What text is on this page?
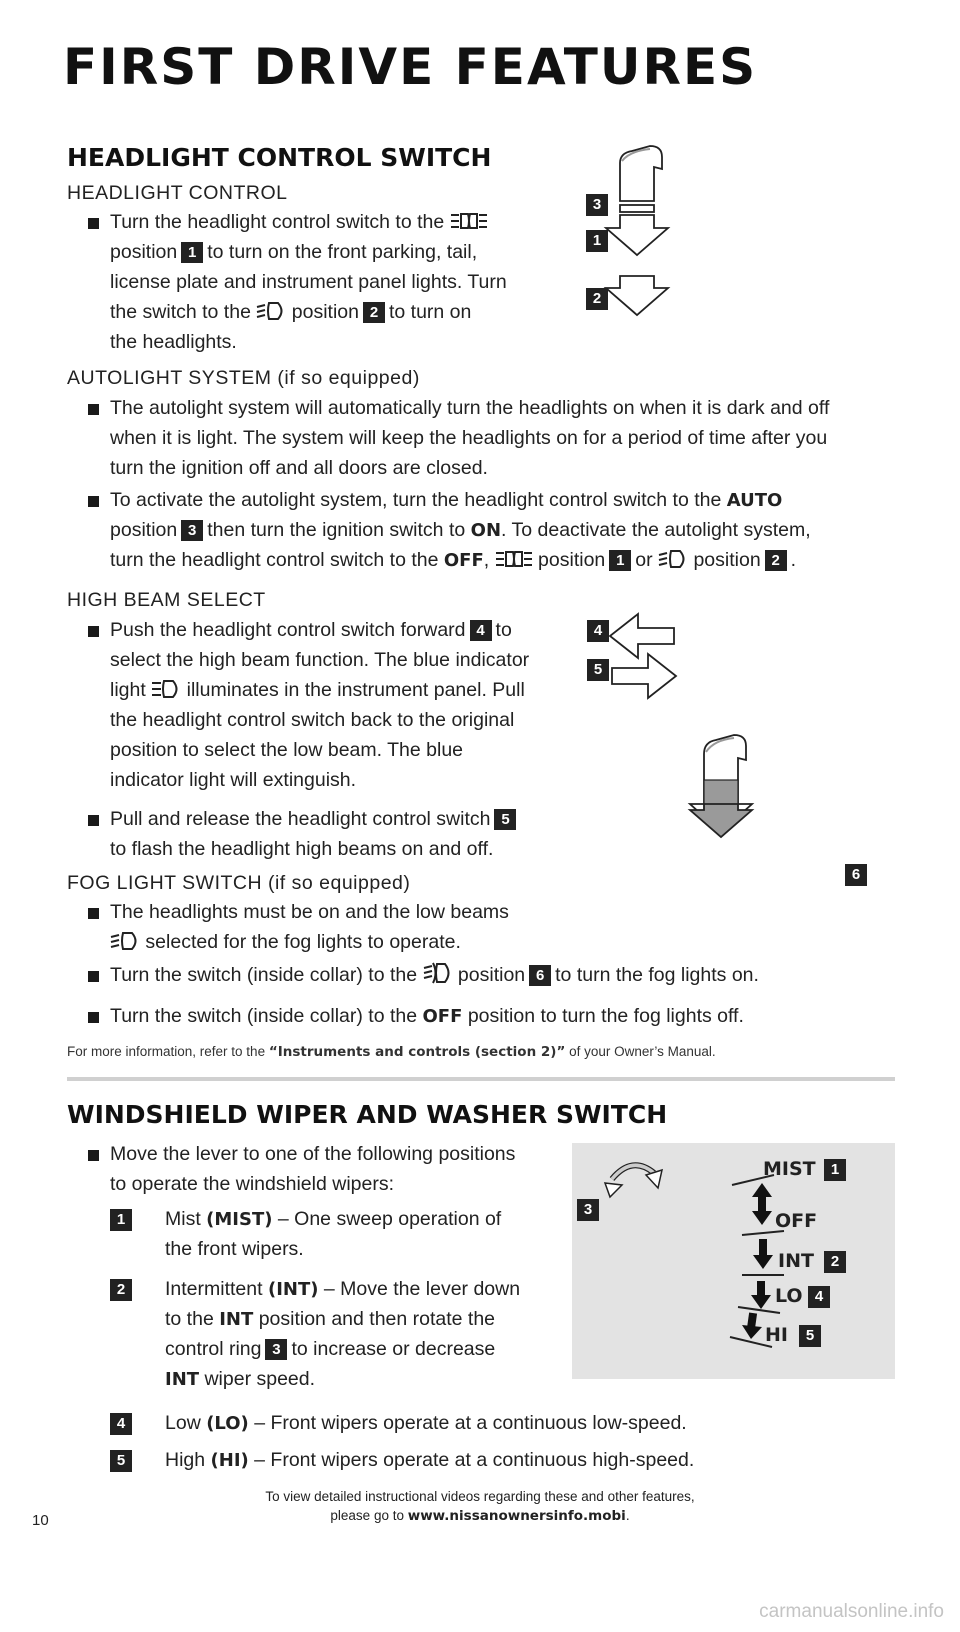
FIRST DRIVE FEATURES
HEADLIGHT CONTROL SWITCH
HEADLIGHT CONTROL
Turn the headlight control switch to the
position 1 to turn on the front parking, tail,
license plate and instrument panel lights. Turn
the switch to the position 2 to turn on
the headlights.
3
1
2
AUTOLIGHT SYSTEM (if so equipped)
The autolight system will automatically turn the headlights on when it is dark and off
when it is light. The system will keep the headlights on for a period of time after you
turn the ignition off and all doors are closed.
To activate the autolight system, turn the headlight control switch to the AUTO
position 3 then turn the ignition switch to ON. To deactivate the autolight system,
turn the headlight control switch to the OFF,	position 1 or position 2 .
HIGH BEAM SELECT
Push the headlight control switch forward 4 to
select the high beam function. The blue indicator
light illuminates in the instrument panel. Pull
the headlight control switch back to the original
position to select the low beam. The blue
indicator light will extinguish.
Pull and release the headlight control switch 5
to flash the headlight high beams on and off.
4
5
6
FOG LIGHT SWITCH (if so equipped)
The headlights must be on and the low beams
selected for the fog lights to operate.
Turn the switch (inside collar) to the position 6 to turn the fog lights on.
Turn the switch (inside collar) to the OFF position to turn the fog lights off.
For more information, refer to the “Instruments and controls (section 2)” of your Owner’s Manual.
WINDSHIELD WIPER AND WASHER SWITCH
Move the lever to one of the following positions
to operate the windshield wipers:
1	Mist (MIST) – One sweep operation of
the front wipers.
2	Intermittent (INT) – Move the lever down
to the INT position and then rotate the
control ring 3 to increase or decrease
INT wiper speed.
4	Low (LO) – Front wipers operate at a continuous low-speed.
5	High (HI) – Front wipers operate at a continuous high-speed.
3
MIST	1
OFF
INT	2
LO 4
HI	5
10
To view detailed instructional videos regarding these and other features,
please go to www.nissanownersinfo.mobi.
carmanualsonline.info
